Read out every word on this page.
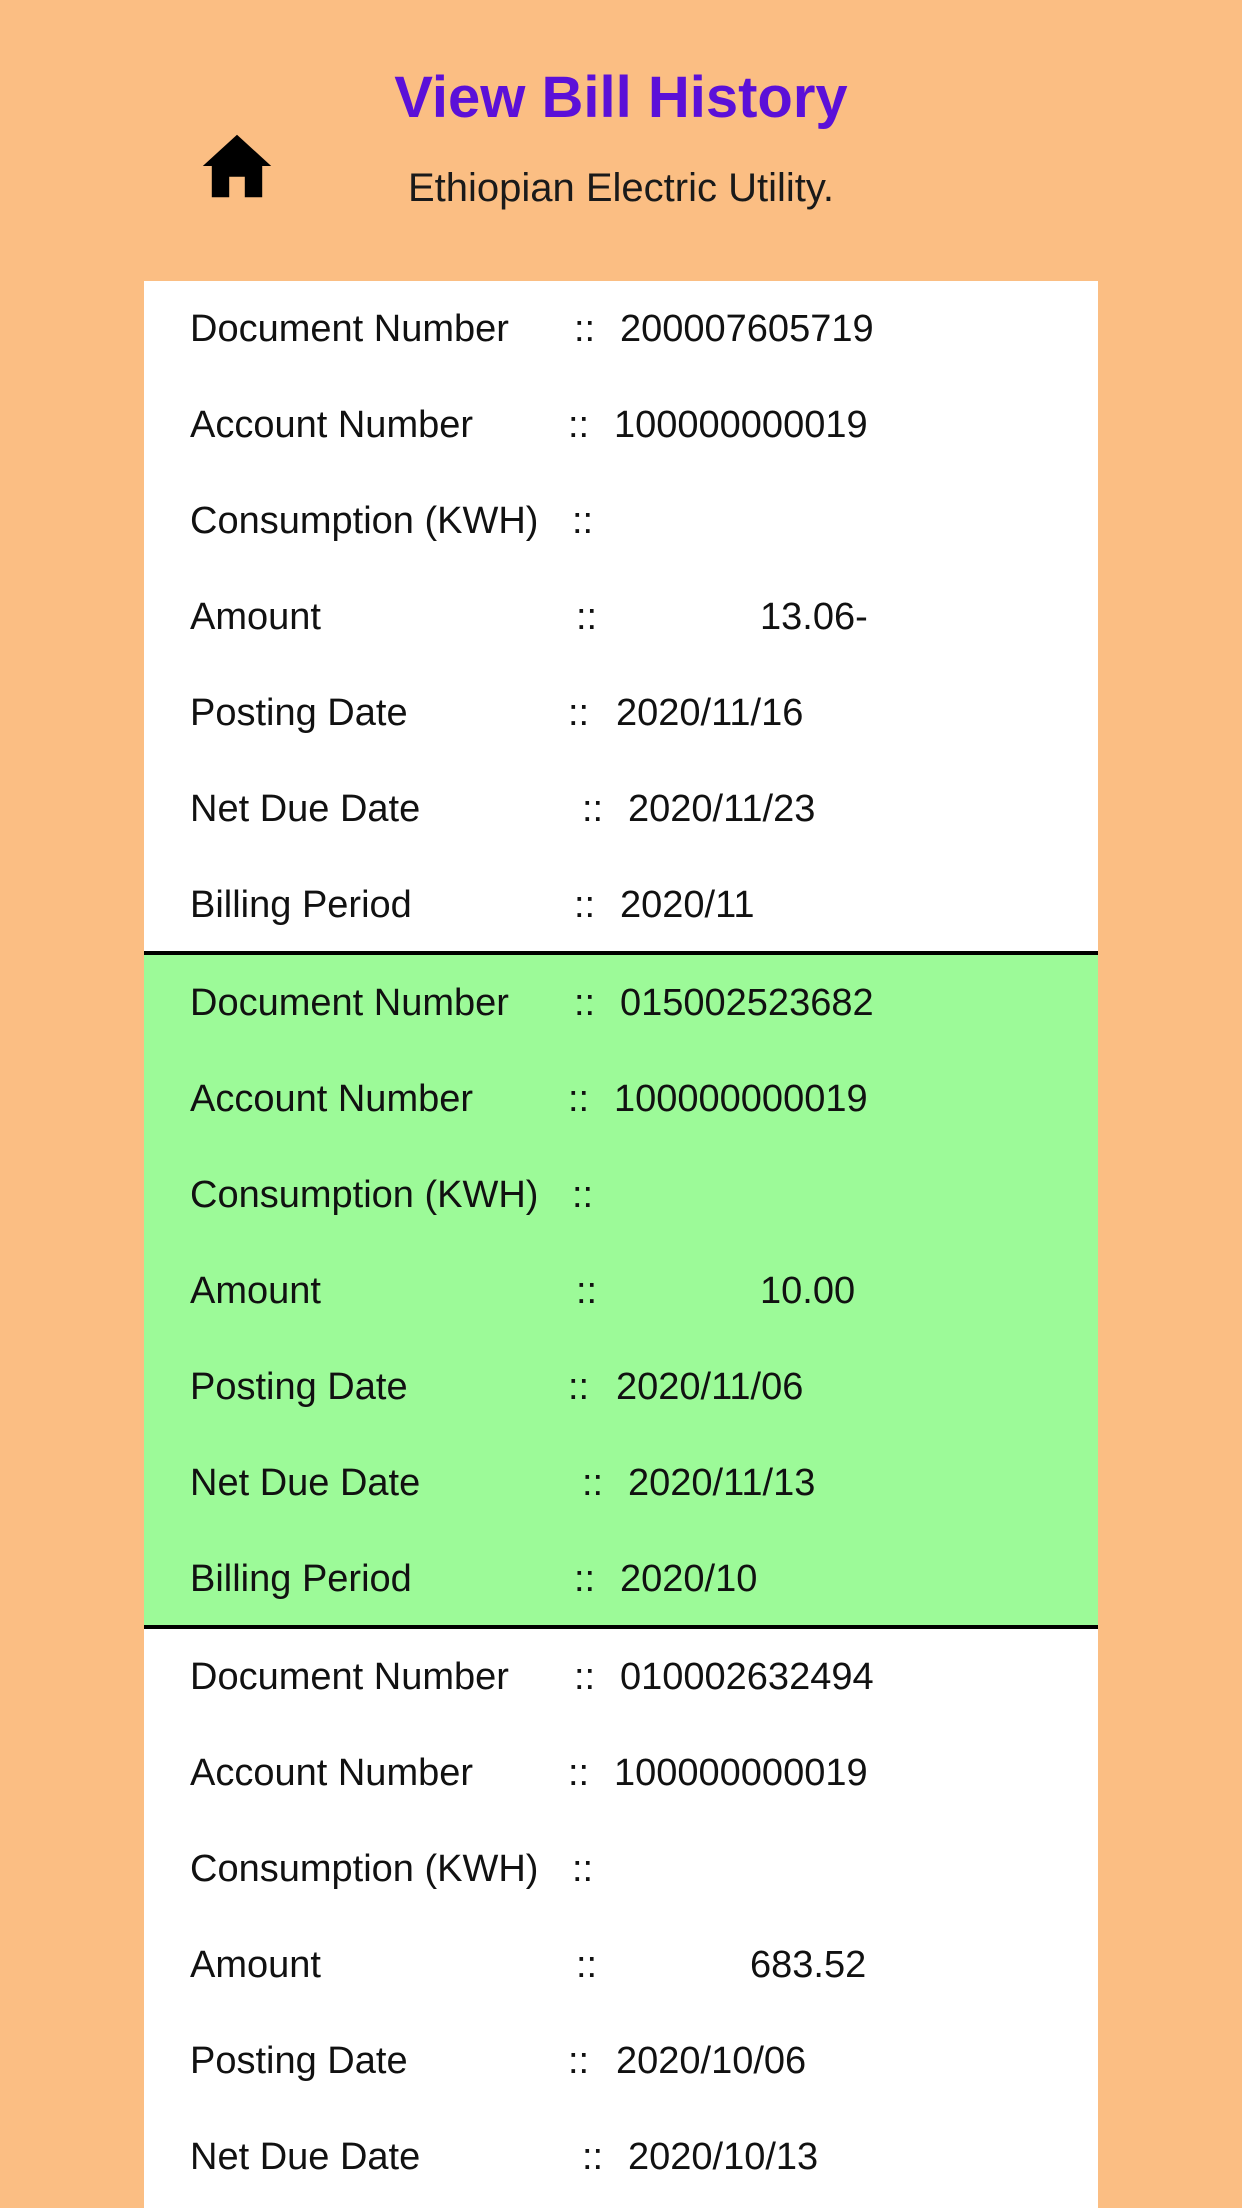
View Bill History
Ethiopian Electric Utility.
Document Number :: 200007605719
Account Number :: 100000000019
Consumption (KWH) ::
Amount	::	13.06-
Posting Date	:: 2020/11/16
Net Due Date	:: 2020/11/23
Billing Period	:: 2020/11
Document Number :: 015002523682
Account Number :: 100000000019
Consumption (KWH) ::
Amount	::	10.00
Posting Date	:: 2020/11/06
Net Due Date	:: 2020/11/13
Billing Period	:: 2020/10
Document Number :: 010002632494
Account Number :: 100000000019
Consumption (KWH) ::
Amount	::	683.52
Posting Date	:: 2020/10/06
Net Due Date	:: 2020/10/13
